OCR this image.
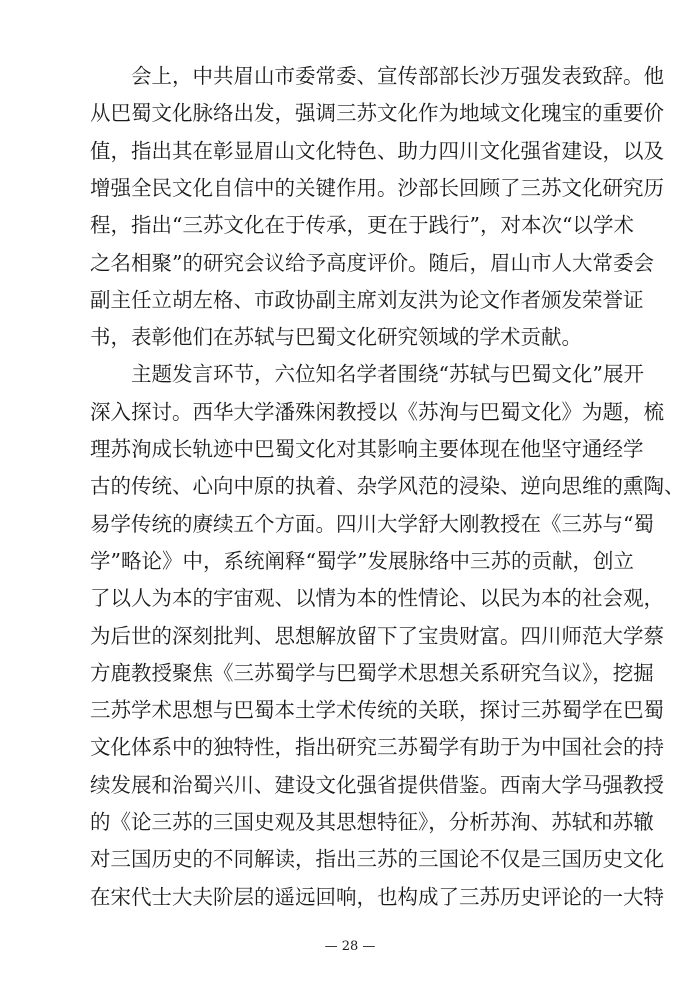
会上，中共眉山市委常委、宣传部部长沙万强发表致辞。他
从巴蜀文化脉络出发，强调三苏文化作为地域文化瑰宝的重要价
值，指出其在彰显眉山文化特色、助力四川文化强省建设，以及
增强全民文化自信中的关键作用。沙部长回顾了三苏文化研究历
程，指出“三苏文化在于传承，更在于践行”，对本次“以学术
之名相聚”的研究会议给予高度评价。随后，眉山市人大常委会
副主任立胡左格、市政协副主席刘友洪为论文作者颁发荣誉证
书，表彰他们在苏轼与巴蜀文化研究领域的学术贡献。
主题发言环节，六位知名学者围绕“苏轼与巴蜀文化”展开
深入探讨。西华大学潘殊闲教授以《苏洵与巴蜀文化》为题，梳
理苏洵成长轨迹中巴蜀文化对其影响主要体现在他坚守通经学
古的传统、心向中原的执着、杂学风范的浸染、逆向思维的熏陶、
易学传统的赓续五个方面。四川大学舒大刚教授在《三苏与“蜀
学”略论》中，系统阐释“蜀学”发展脉络中三苏的贡献，创立
了以人为本的宇宙观、以情为本的性情论、以民为本的社会观，
为后世的深刻批判、思想解放留下了宝贵财富。四川师范大学蔡
方鹿教授聚焦《三苏蜀学与巴蜀学术思想关系研究刍议》，挖掘
三苏学术思想与巴蜀本土学术传统的关联，探讨三苏蜀学在巴蜀
文化体系中的独特性，指出研究三苏蜀学有助于为中国社会的持
续发展和治蜀兴川、建设文化强省提供借鉴。西南大学马强教授
的《论三苏的三国史观及其思想特征》，分析苏洵、苏轼和苏辙
对三国历史的不同解读，指出三苏的三国论不仅是三国历史文化
在宋代士大夫阶层的遥远回响，也构成了三苏历史评论的一大特
— 28 —
